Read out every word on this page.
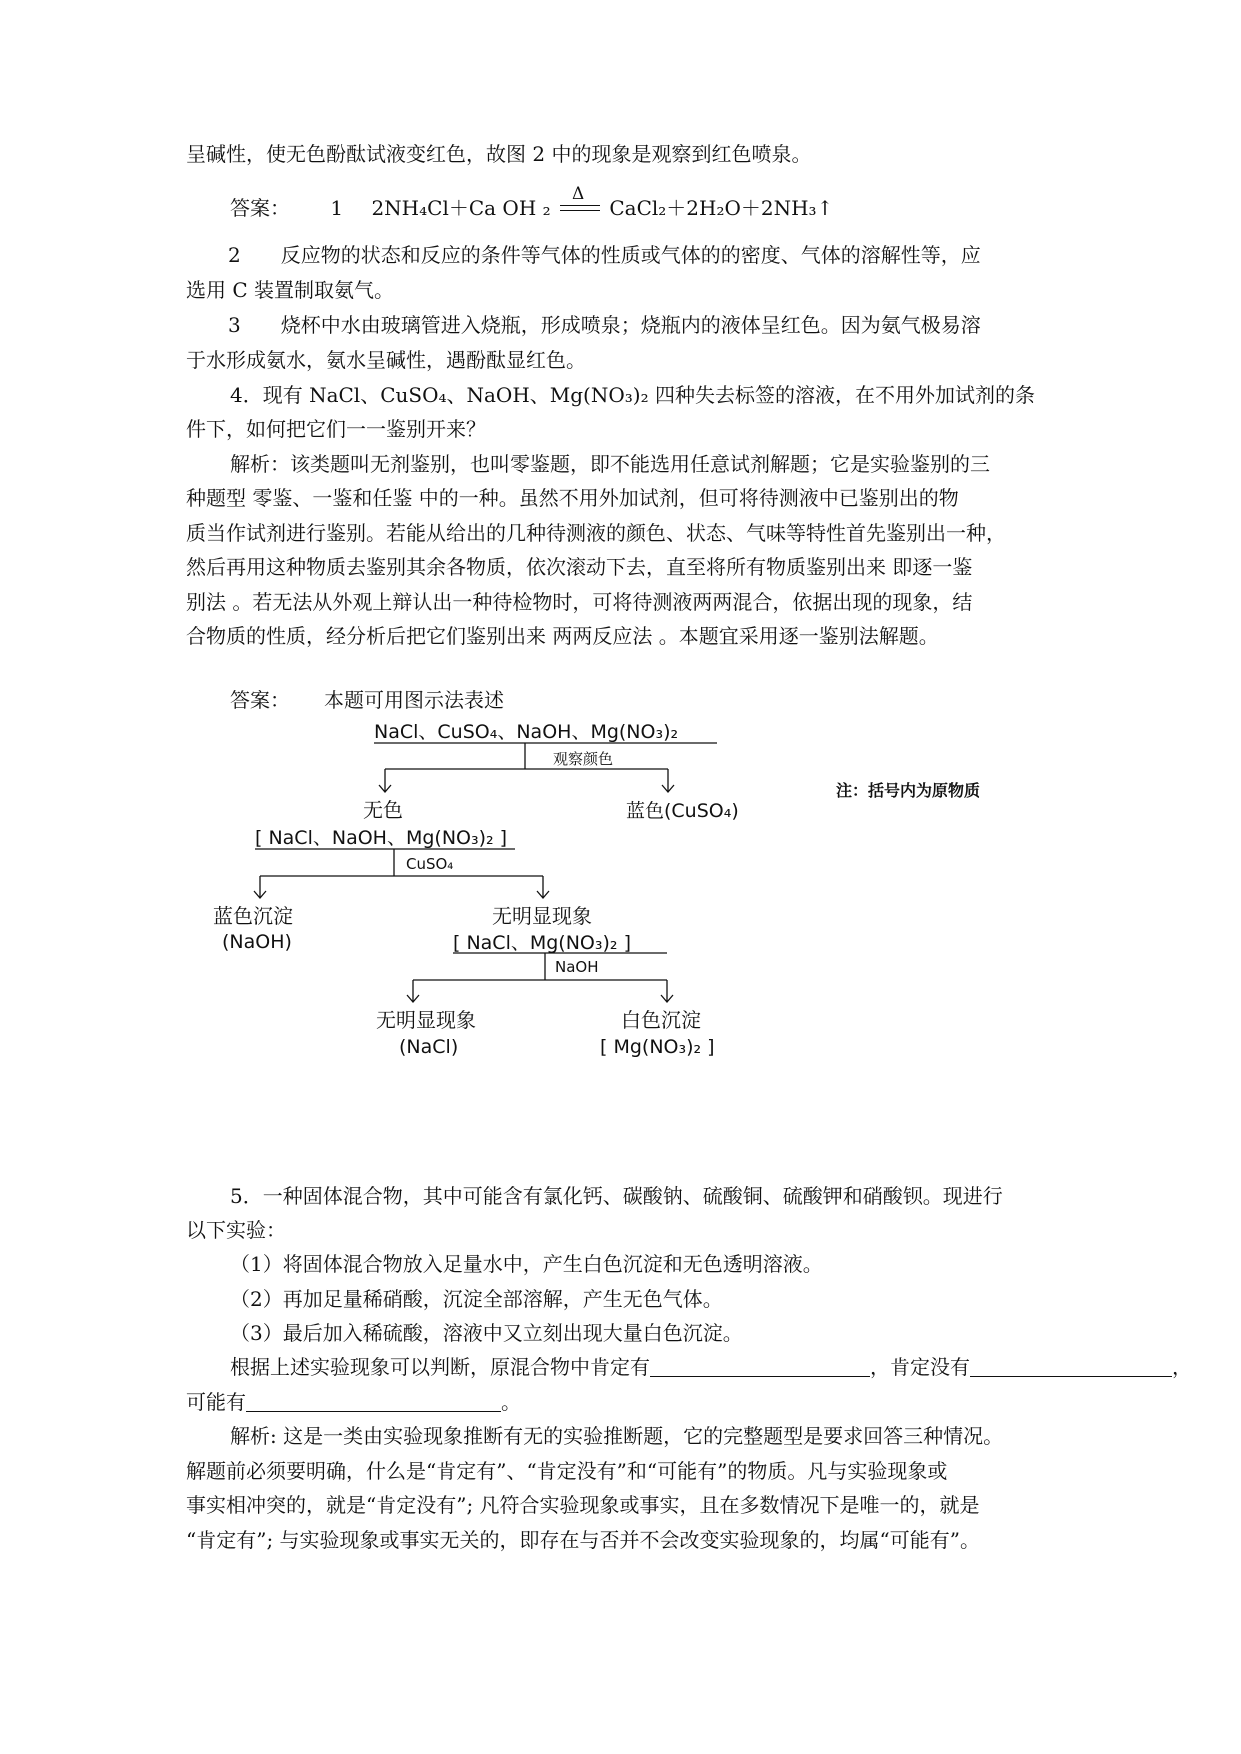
呈碱性，使无色酚酞试液变红色，故图 2 中的现象是观察到红色喷泉。
答案： 1 2NH₄Cl＋Ca OH ₂
Δ
CaCl₂＋2H₂O＋2NH₃↑
2 反应物的状态和反应的条件等气体的性质或气体的的密度、气体的溶解性等，应
选用 C 装置制取氨气。
3 烧杯中水由玻璃管进入烧瓶，形成喷泉；烧瓶内的液体呈红色。因为氨气极易溶
于水形成氨水，氨水呈碱性，遇酚酞显红色。
4．现有 NaCl、CuSO₄、NaOH、Mg(NO₃)₂ 四种失去标签的溶液，在不用外加试剂的条
件下，如何把它们一一鉴别开来？
解析：该类题叫无剂鉴别，也叫零鉴题，即不能选用任意试剂解题；它是实验鉴别的三
种题型 零鉴、一鉴和任鉴 中的一种。虽然不用外加试剂，但可将待测液中已鉴别出的物
质当作试剂进行鉴别。若能从给出的几种待测液的颜色、状态、气味等特性首先鉴别出一种，
然后再用这种物质去鉴别其余各物质，依次滚动下去，直至将所有物质鉴别出来 即逐一鉴
别法 。若无法从外观上辩认出一种待检物时，可将待测液两两混合，依据出现的现象，结
合物质的性质，经分析后把它们鉴别出来 两两反应法 。本题宜采用逐一鉴别法解题。
答案： 本题可用图示法表述
NaCl、CuSO₄、NaOH、Mg(NO₃)₂
观察颜色
注：括号内为原物质
无色	蓝色(CuSO₄)
[ NaCl、NaOH、Mg(NO₃)₂ ]
CuSO₄
蓝色沉淀
(NaOH)
无明显现象
[ NaCl、Mg(NO₃)₂ ]
NaOH
无明显现象
(NaCl)
白色沉淀
[ Mg(NO₃)₂ ]
5．一种固体混合物，其中可能含有氯化钙、碳酸钠、硫酸铜、硫酸钾和硝酸钡。现进行
以下实验：
（1）将固体混合物放入足量水中，产生白色沉淀和无色透明溶液。
（2）再加足量稀硝酸，沉淀全部溶解，产生无色气体。
（3）最后加入稀硫酸，溶液中又立刻出现大量白色沉淀。
根据上述实验现象可以判断，原混合物中肯定有	，肯定没有	，
可能有	。
解析: 这是一类由实验现象推断有无的实验推断题，它的完整题型是要求回答三种情况。
解题前必须要明确，什么是“肯定有”、“肯定没有”和“可能有”的物质。凡与实验现象或
事实相冲突的，就是“肯定没有”; 凡符合实验现象或事实，且在多数情况下是唯一的，就是
“肯定有”; 与实验现象或事实无关的，即存在与否并不会改变实验现象的，均属“可能有”。
